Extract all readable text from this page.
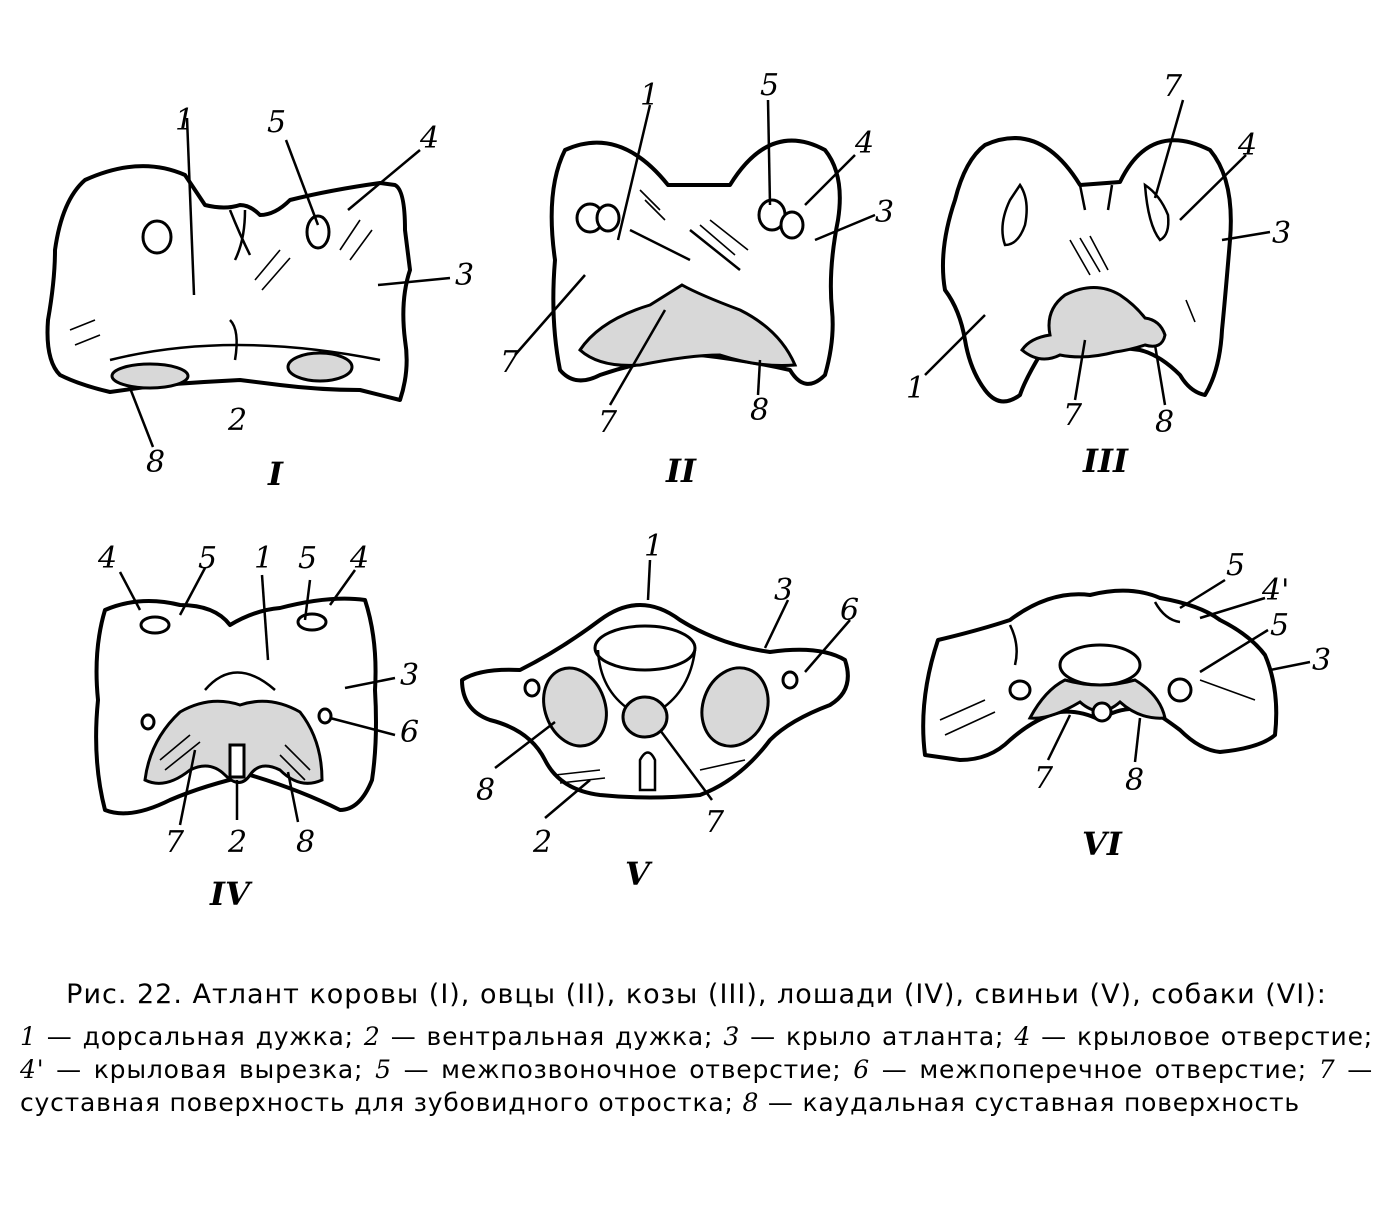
1 5	4
3
2
8	I
1	5
4
3
7
7	8
II
7
4
3
1
7 8
III
4	5 1 5 4
3
6
7 2 8
IV
1
3
6
8
2
7
V
5
4'
5
3
7 8
VI
Рис. 22. Атлант коровы (I), овцы (II), козы (III), лошади (IV), свиньи (V), собаки (VI):
1 — дорсальная дужка; 2 — вентральная дужка; 3 — крыло атланта; 4 — крыловое отверстие; 4' — крыловая вырезка; 5 — межпозвоночное отверстие; 6 — межпоперечное отверстие; 7 — суставная поверхность для зубовидного отростка; 8 — каудальная суставная поверхность
